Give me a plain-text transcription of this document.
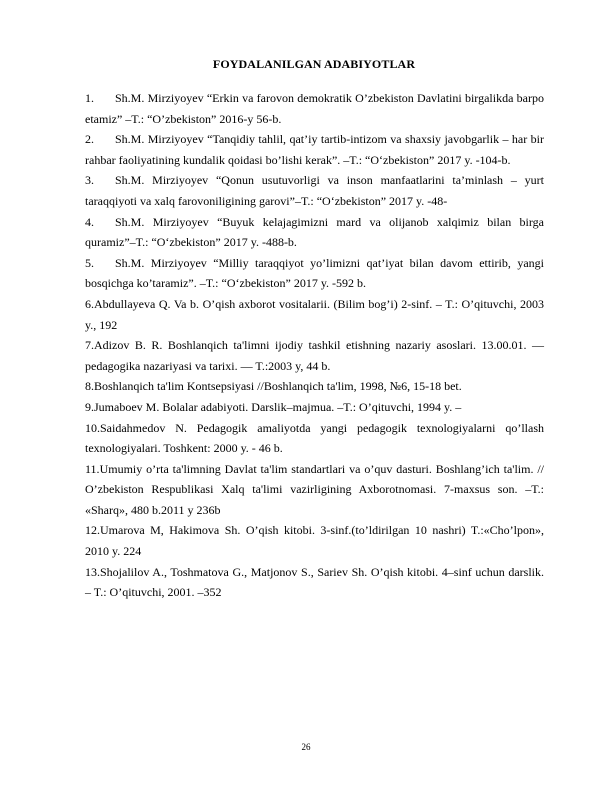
FOYDALANILGAN ADABIYOTLAR

1. Sh.M. Mirziyoyev “Erkin va farovon demokratik O’zbekiston Davlatini birgalikda barpo etamiz” –T.: “O’zbekiston” 2016-y 56-b.

2. Sh.M. Mirziyoyev “Tanqidiy tahlil, qat’iy tartib-intizom va shaxsiy javobgarlik – har bir rahbar faoliyatining kundalik qoidasi bo’lishi kerak”. –T.: “O‘zbekiston” 2017 y. -104-b.

3. Sh.M. Mirziyoyev “Qonun usutuvorligi va inson manfaatlarini ta’minlash – yurt taraqqiyoti va xalq farovoniligining garovi”–T.: “O‘zbekiston” 2017 y. -48-

4. Sh.M. Mirziyoyev “Buyuk kelajagimizni mard va olijanob xalqimiz bilan birga quramiz”–T.: “O‘zbekiston” 2017 y. -488-b.

5. Sh.M. Mirziyoyev “Milliy taraqqiyot yo’limizni qat’iyat bilan davom ettirib, yangi bosqichga ko’taramiz”. –T.: “O‘zbekiston” 2017 y. -592 b.

6.Abdullayeva Q. Va b. O’qish axborot vositalarii. (Bilim bog’i) 2-sinf. – T.: O’qituvchi, 2003 y., 192

7.Adizov B. R. Boshlanqich ta'limni ijodiy tashkil etishning nazariy asoslari. 13.00.01. — pedagogika nazariyasi va tarixi. — T.:2003 y, 44 b.

8.Boshlanqich ta'lim Kontsepsiyasi //Boshlanqich ta'lim, 1998, №6, 15-18 bet.

9.Jumaboev M. Bolalar adabiyoti. Darslik–majmua. –T.: O’qituvchi, 1994 y. –

10.Saidahmedov N. Pedagogik amaliyotda yangi pedagogik texnologiyalarni qo’llash texnologiyalari. Toshkent: 2000 y. - 46 b.

11.Umumiy o’rta ta'limning Davlat ta'lim standartlari va o’quv dasturi. Boshlang’ich ta'lim. // O’zbekiston Respublikasi Xalq ta'limi vazirligining Axborotnomasi. 7-maxsus son. –T.: «Sharq», 480 b.2011 y 236b

12.Umarova M, Hakimova Sh. O’qish kitobi. 3-sinf.(to’ldirilgan 10 nashri) T.:«Cho’lpon», 2010 y. 224

13.Shojalilov A., Toshmatova G., Matjonov S., Sariev Sh. O’qish kitobi. 4–sinf uchun darslik. – T.: O’qituvchi, 2001. –352

26
